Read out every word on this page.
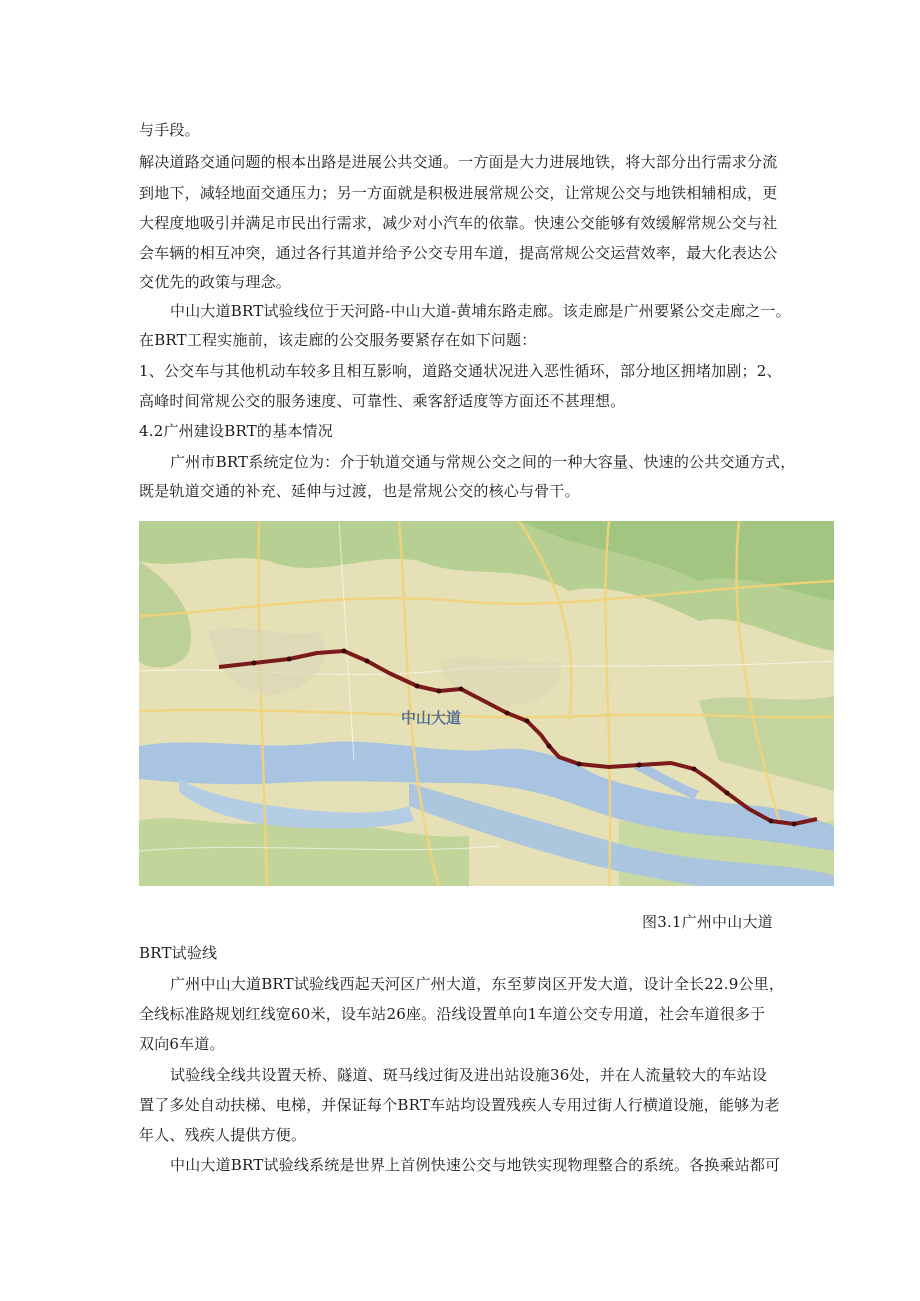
与手段。
解决道路交通问题的根本出路是进展公共交通。一方面是大力进展地铁，将大部分出行需求分流
到地下，减轻地面交通压力；另一方面就是积极进展常规公交，让常规公交与地铁相辅相成，更
大程度地吸引并满足市民出行需求，减少对小汽车的依靠。快速公交能够有效缓解常规公交与社
会车辆的相互冲突，通过各行其道并给予公交专用车道，提高常规公交运营效率，最大化表达公
交优先的政策与理念。
中山大道BRT试验线位于天河路-中山大道-黄埔东路走廊。该走廊是广州要紧公交走廊之一。
在BRT工程实施前，该走廊的公交服务要紧存在如下问题：
1、公交车与其他机动车较多且相互影响，道路交通状况进入恶性循环，部分地区拥堵加剧；2、
高峰时间常规公交的服务速度、可靠性、乘客舒适度等方面还不甚理想。
4.2广州建设BRT的基本情况
广州市BRT系统定位为：介于轨道交通与常规公交之间的一种大容量、快速的公共交通方式，
既是轨道交通的补充、延伸与过渡，也是常规公交的核心与骨干。
中山大道
图3.1广州中山大道
BRT试验线
广州中山大道BRT试验线西起天河区广州大道，东至萝岗区开发大道，设计全长22.9公里，
全线标准路规划红线宽60米，设车站26座。沿线设置单向1车道公交专用道，社会车道很多于
双向6车道。
试验线全线共设置天桥、隧道、斑马线过街及进出站设施36处，并在人流量较大的车站设
置了多处自动扶梯、电梯，并保证每个BRT车站均设置残疾人专用过街人行横道设施，能够为老
年人、残疾人提供方便。
中山大道BRT试验线系统是世界上首例快速公交与地铁实现物理整合的系统。各换乘站都可
